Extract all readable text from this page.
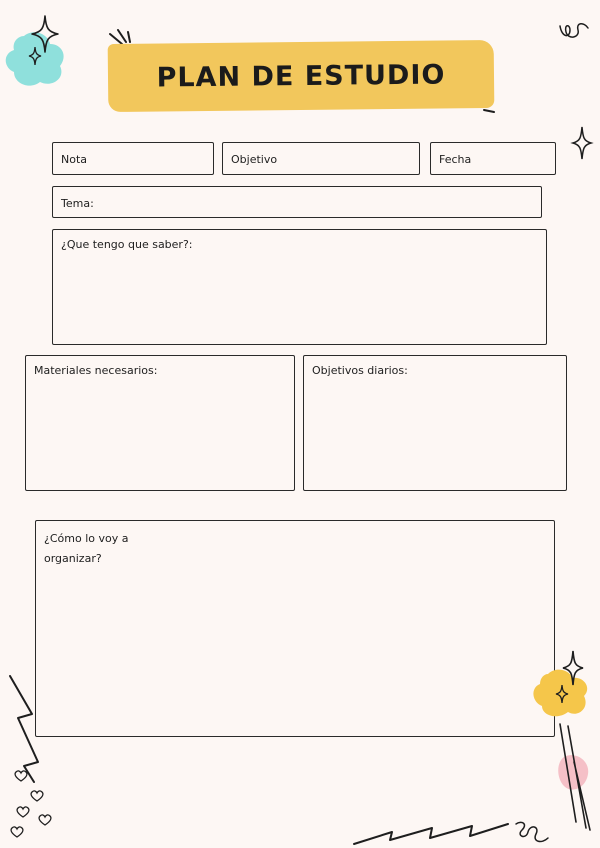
PLAN DE ESTUDIO
Nota	Objetivo	Fecha
Tema:
¿Que tengo que saber?:
Materiales necesarios:	Objetivos diarios:
¿Cómo lo voy a organizar?
